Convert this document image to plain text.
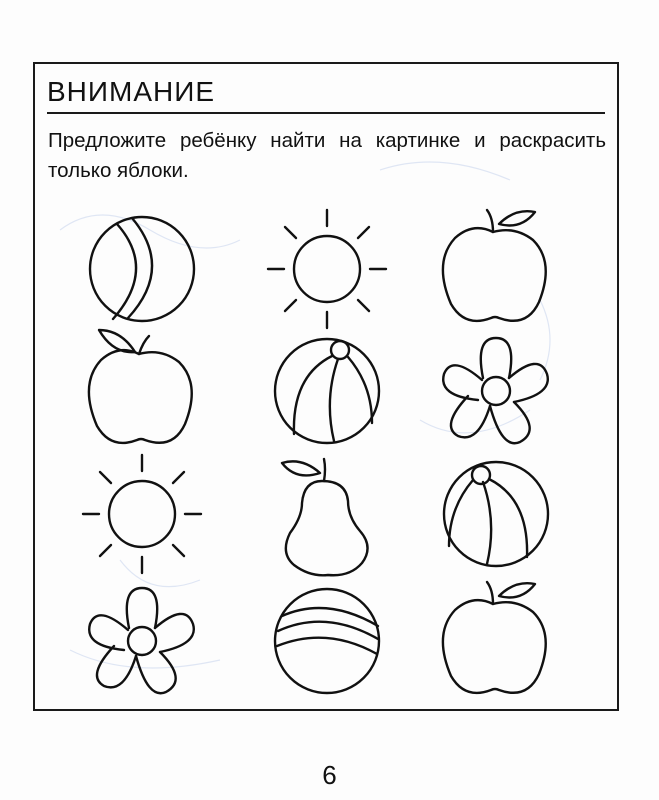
ВНИМАНИЕ
Предложите ребёнку найти на картинке и раскрасить только яблоки.
6
